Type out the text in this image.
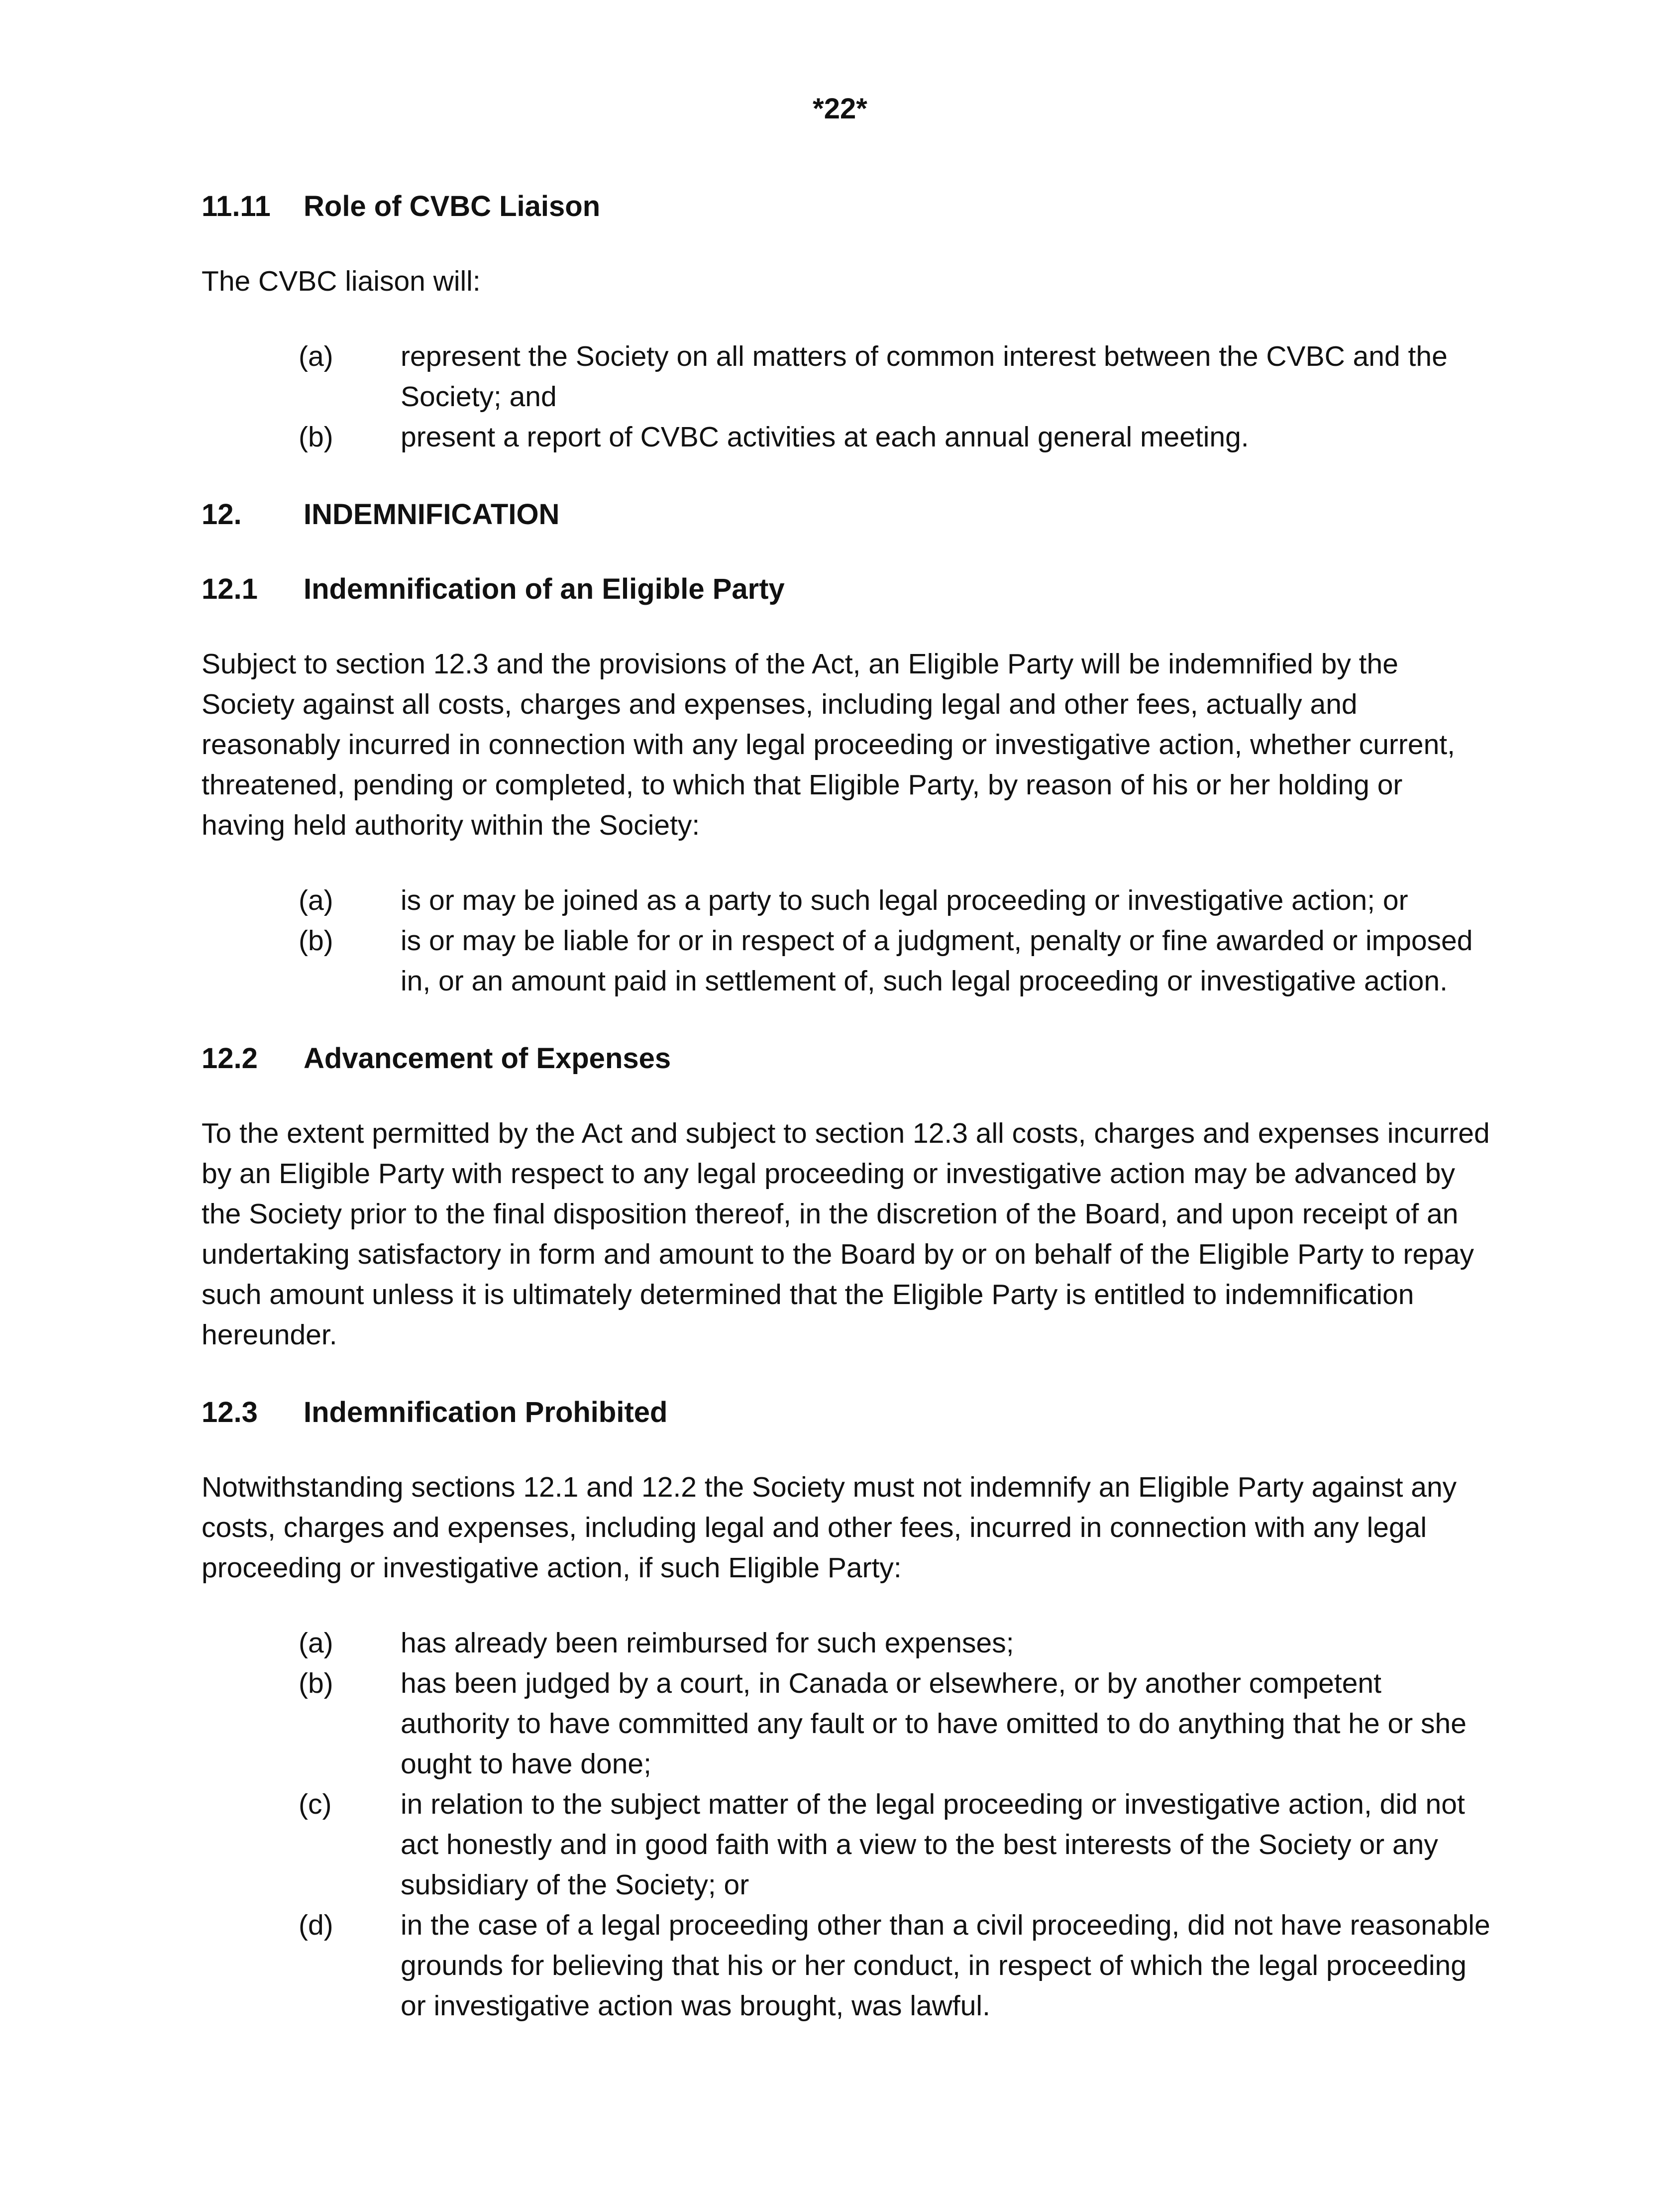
*22*
11.11 Role of CVBC Liaison

The CVBC liaison will:

(a) represent the Society on all matters of common interest between the CVBC and the Society; and
(b) present a report of CVBC activities at each annual general meeting.
12. INDEMNIFICATION
12.1 Indemnification of an Eligible Party

Subject to section 12.3 and the provisions of the Act, an Eligible Party will be indemnified by the Society against all costs, charges and expenses, including legal and other fees, actually and reasonably incurred in connection with any legal proceeding or investigative action, whether current, threatened, pending or completed, to which that Eligible Party, by reason of his or her holding or having held authority within the Society:

(a) is or may be joined as a party to such legal proceeding or investigative action; or
(b) is or may be liable for or in respect of a judgment, penalty or fine awarded or imposed in, or an amount paid in settlement of, such legal proceeding or investigative action.
12.2 Advancement of Expenses

To the extent permitted by the Act and subject to section 12.3 all costs, charges and expenses incurred by an Eligible Party with respect to any legal proceeding or investigative action may be advanced by the Society prior to the final disposition thereof, in the discretion of the Board, and upon receipt of an undertaking satisfactory in form and amount to the Board by or on behalf of the Eligible Party to repay such amount unless it is ultimately determined that the Eligible Party is entitled to indemnification hereunder.

12.3 Indemnification Prohibited

Notwithstanding sections 12.1 and 12.2 the Society must not indemnify an Eligible Party against any costs, charges and expenses, including legal and other fees, incurred in connection with any legal proceeding or investigative action, if such Eligible Party:

(a) has already been reimbursed for such expenses;
(b) has been judged by a court, in Canada or elsewhere, or by another competent authority to have committed any fault or to have omitted to do anything that he or she ought to have done;
(c) in relation to the subject matter of the legal proceeding or investigative action, did not act honestly and in good faith with a view to the best interests of the Society or any subsidiary of the Society; or
(d) in the case of a legal proceeding other than a civil proceeding, did not have reasonable grounds for believing that his or her conduct, in respect of which the legal proceeding or investigative action was brought, was lawful.
